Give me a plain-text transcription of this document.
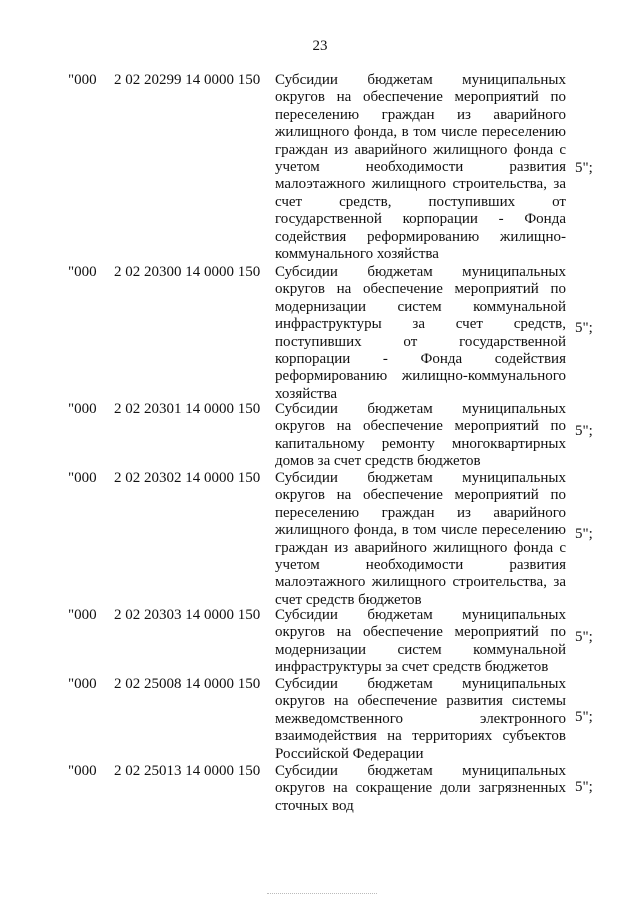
23
"000 2 02 20299 14 0000 150 Субсидии бюджетам муниципальных округов на обеспечение мероприятий по переселению граждан из аварийного жилищного фонда, в том числе переселению граждан из аварийного жилищного фонда с учетом необходимости развития малоэтажного жилищного строительства, за счет средств, поступивших от государственной корпорации - Фонда содействия реформированию жилищно-коммунального хозяйства
5";
"000 2 02 20300 14 0000 150 Субсидии бюджетам муниципальных округов на обеспечение мероприятий по модернизации систем коммунальной инфраструктуры за счет средств, поступивших от государственной корпорации - Фонда содействия реформированию жилищно-коммунального хозяйства
5";
"000 2 02 20301 14 0000 150 Субсидии бюджетам муниципальных округов на обеспечение мероприятий по капитальному ремонту многоквартирных домов за счет средств бюджетов
5";
"000 2 02 20302 14 0000 150 Субсидии бюджетам муниципальных округов на обеспечение мероприятий по переселению граждан из аварийного жилищного фонда, в том числе переселению граждан из аварийного жилищного фонда с учетом необходимости развития малоэтажного жилищного строительства, за счет средств бюджетов
5";
"000 2 02 20303 14 0000 150 Субсидии бюджетам муниципальных округов на обеспечение мероприятий по модернизации систем коммунальной инфраструктуры за счет средств бюджетов
5";
"000 2 02 25008 14 0000 150 Субсидии бюджетам муниципальных округов на обеспечение развития системы межведомственного электронного взаимодействия на территориях субъектов Российской Федерации
5";
"000 2 02 25013 14 0000 150 Субсидии бюджетам муниципальных округов на сокращение доли загрязненных сточных вод
5";
